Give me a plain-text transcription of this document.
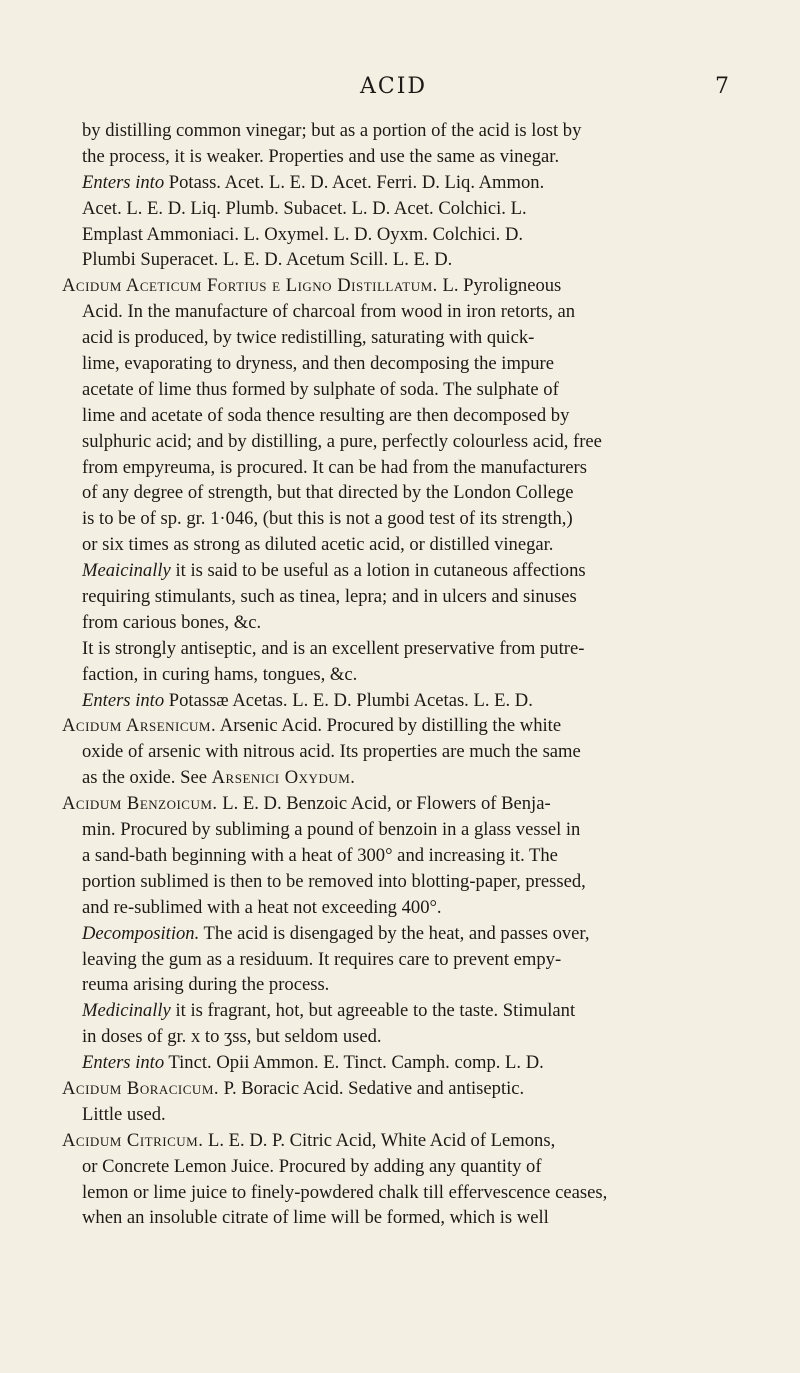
ACID	7
by distilling common vinegar; but as a portion of the acid is lost by
the process, it is weaker. Properties and use the same as vinegar.
Enters into Potass. Acet. L. E. D. Acet. Ferri. D. Liq. Ammon.
Acet. L. E. D. Liq. Plumb. Subacet. L. D. Acet. Colchici. L.
Emplast Ammoniaci. L. Oxymel. L. D. Oyxm. Colchici. D.
Plumbi Superacet. L. E. D. Acetum Scill. L. E. D.
Acidum Aceticum Fortius e Ligno Distillatum. L. Pyroligneous
Acid. In the manufacture of charcoal from wood in iron retorts, an
acid is produced, by twice redistilling, saturating with quick-
lime, evaporating to dryness, and then decomposing the impure
acetate of lime thus formed by sulphate of soda. The sulphate of
lime and acetate of soda thence resulting are then decomposed by
sulphuric acid; and by distilling, a pure, perfectly colourless acid, free
from empyreuma, is procured. It can be had from the manufacturers
of any degree of strength, but that directed by the London College
is to be of sp. gr. 1·046, (but this is not a good test of its strength,)
or six times as strong as diluted acetic acid, or distilled vinegar.
Meaicinally it is said to be useful as a lotion in cutaneous affections
requiring stimulants, such as tinea, lepra; and in ulcers and sinuses
from carious bones, &c.
It is strongly antiseptic, and is an excellent preservative from putre-
faction, in curing hams, tongues, &c.
Enters into Potassæ Acetas. L. E. D. Plumbi Acetas. L. E. D.
Acidum Arsenicum. Arsenic Acid. Procured by distilling the white
oxide of arsenic with nitrous acid. Its properties are much the same
as the oxide. See Arsenici Oxydum.
Acidum Benzoicum. L. E. D. Benzoic Acid, or Flowers of Benja-
min. Procured by subliming a pound of benzoin in a glass vessel in
a sand-bath beginning with a heat of 300° and increasing it. The
portion sublimed is then to be removed into blotting-paper, pressed,
and re-sublimed with a heat not exceeding 400°.
Decomposition. The acid is disengaged by the heat, and passes over,
leaving the gum as a residuum. It requires care to prevent empy-
reuma arising during the process.
Medicinally it is fragrant, hot, but agreeable to the taste. Stimulant
in doses of gr. x to ʒss, but seldom used.
Enters into Tinct. Opii Ammon. E. Tinct. Camph. comp. L. D.
Acidum Boracicum. P. Boracic Acid. Sedative and antiseptic.
Little used.
Acidum Citricum. L. E. D. P. Citric Acid, White Acid of Lemons,
or Concrete Lemon Juice. Procured by adding any quantity of
lemon or lime juice to finely-powdered chalk till effervescence ceases,
when an insoluble citrate of lime will be formed, which is well
